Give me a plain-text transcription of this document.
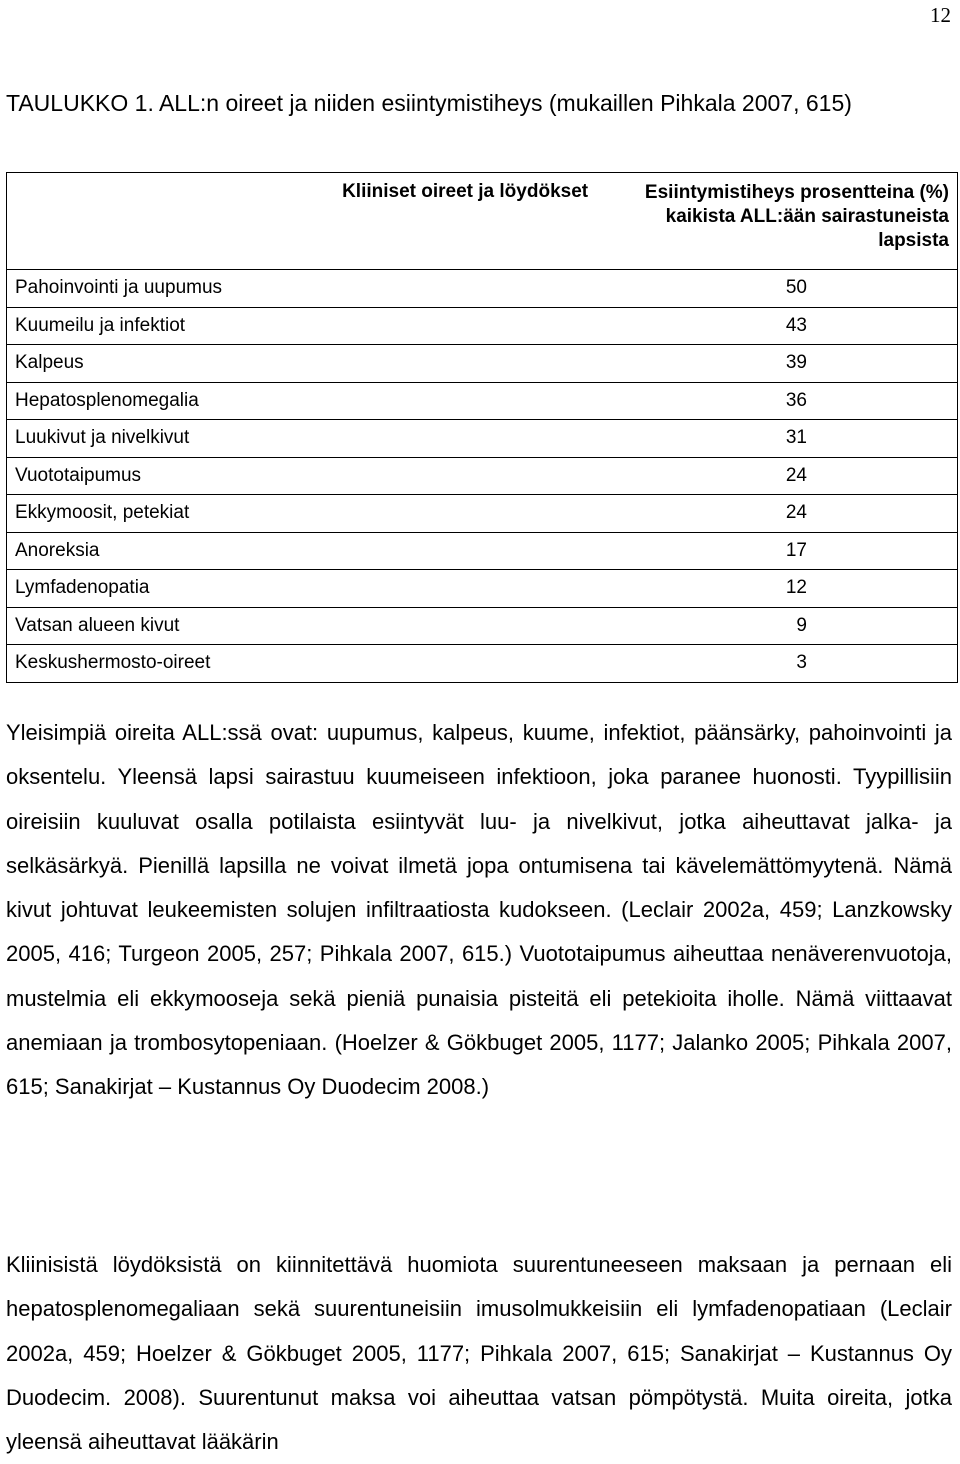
12
TAULUKKO 1. ALL:n oireet ja niiden esiintymistiheys (mukaillen Pihkala 2007, 615)
Kliiniset oireet ja löydökset	Esiintymistiheys prosentteina (%) kaikista ALL:ään sairastuneista lapsista
Pahoinvointi ja uupumus	50
Kuumeilu ja infektiot	43
Kalpeus	39
Hepatosplenomegalia	36
Luukivut ja nivelkivut	31
Vuototaipumus	24
Ekkymoosit, petekiat	24
Anoreksia	17
Lymfadenopatia	12
Vatsan alueen kivut	9
Keskushermosto-oireet	3

Yleisimpiä oireita ALL:ssä ovat: uupumus, kalpeus, kuume, infektiot, päänsärky, pahoinvointi ja oksentelu. Yleensä lapsi sairastuu kuumeiseen infektioon, joka paranee huonosti. Tyypillisiin oireisiin kuuluvat osalla potilaista esiintyvät luu- ja nivelkivut, jotka aiheuttavat jalka- ja selkäsärkyä. Pienillä lapsilla ne voivat ilmetä jopa ontumisena tai kävelemättömyytenä. Nämä kivut johtuvat leukeemisten solujen infiltraatiosta kudokseen. (Leclair 2002a, 459; Lanzkowsky 2005, 416; Turgeon 2005, 257; Pihkala 2007, 615.) Vuototaipumus aiheuttaa nenäverenvuotoja, mustelmia eli ekkymooseja sekä pieniä punaisia pisteitä eli petekioita iholle. Nämä viittaavat anemiaan ja trombosytopeniaan. (Hoelzer & Gökbuget 2005, 1177; Jalanko 2005; Pihkala 2007, 615; Sanakirjat – Kustannus Oy Duodecim 2008.)

Kliinisistä löydöksistä on kiinnitettävä huomiota suurentuneeseen maksaan ja pernaan eli hepatosplenomegaliaan sekä suurentuneisiin imusolmukkeisiin eli lymfadenopatiaan (Leclair 2002a, 459; Hoelzer & Gökbuget 2005, 1177; Pihkala 2007, 615; Sanakirjat – Kustannus Oy Duodecim. 2008). Suurentunut maksa voi aiheuttaa vatsan pömpötystä. Muita oireita, jotka yleensä aiheuttavat lääkärin
